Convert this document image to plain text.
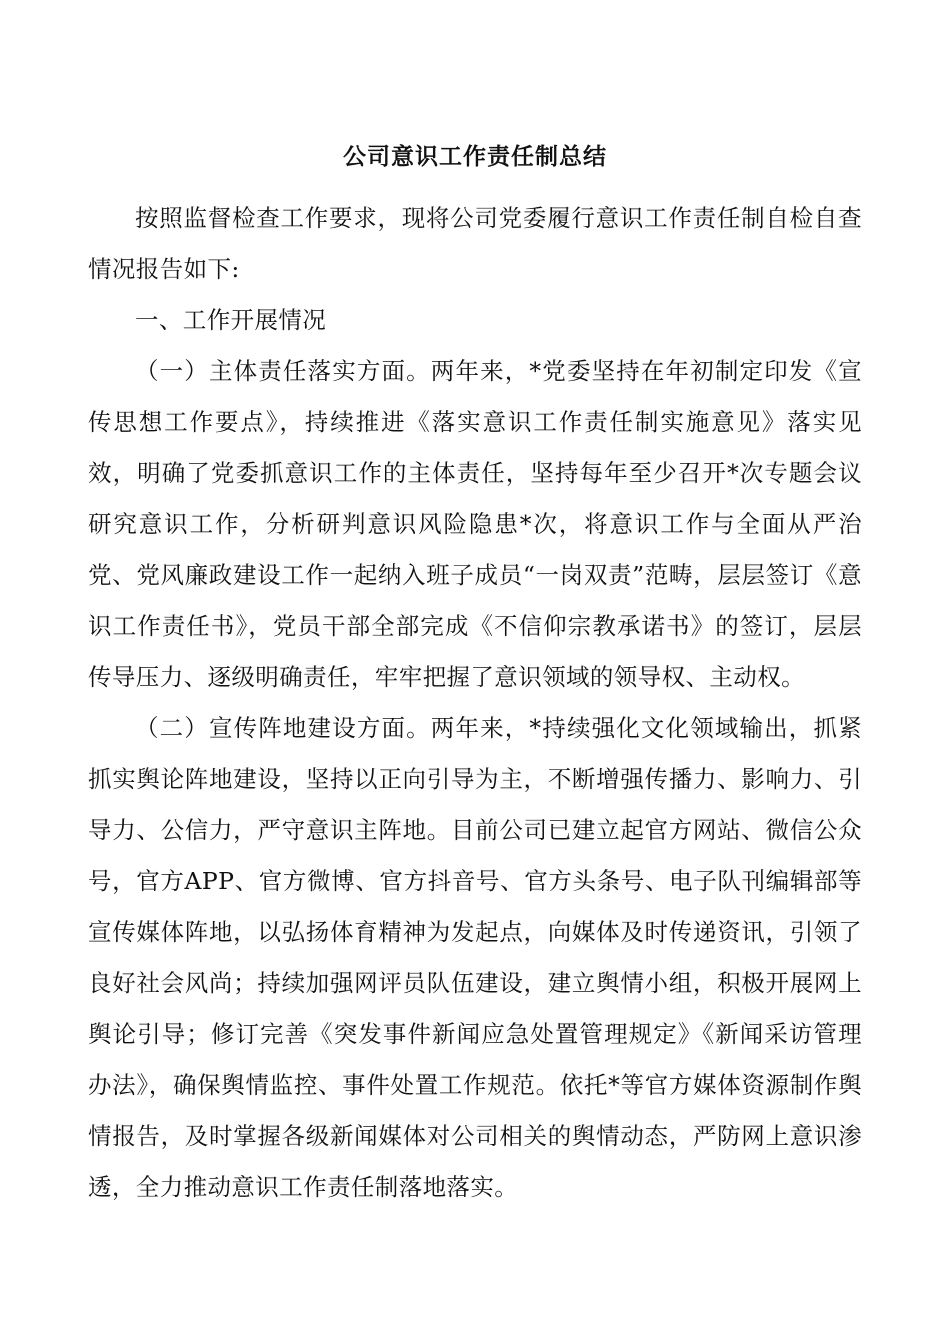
公司意识工作责任制总结

按照监督检查工作要求，现将公司党委履行意识工作责任制自检自查情况报告如下:

一、工作开展情况

（一）主体责任落实方面。两年来，*党委坚持在年初制定印发《宣传思想工作要点》，持续推进《落实意识工作责任制实施意见》落实见效，明确了党委抓意识工作的主体责任，坚持每年至少召开*次专题会议研究意识工作，分析研判意识风险隐患*次，将意识工作与全面从严治党、党风廉政建设工作一起纳入班子成员“一岗双责”范畴，层层签订《意识工作责任书》，党员干部全部完成《不信仰宗教承诺书》的签订，层层传导压力、逐级明确责任，牢牢把握了意识领域的领导权、主动权。

（二）宣传阵地建设方面。两年来，*持续强化文化领域输出，抓紧抓实舆论阵地建设，坚持以正向引导为主，不断增强传播力、影响力、引导力、公信力，严守意识主阵地。目前公司已建立起官方网站、微信公众号，官方APP、官方微博、官方抖音号、官方头条号、电子队刊编辑部等宣传媒体阵地，以弘扬体育精神为发起点，向媒体及时传递资讯，引领了良好社会风尚；持续加强网评员队伍建设，建立舆情小组，积极开展网上舆论引导；修订完善《突发事件新闻应急处置管理规定》《新闻采访管理办法》，确保舆情监控、事件处置工作规范。依托*等官方媒体资源制作舆情报告，及时掌握各级新闻媒体对公司相关的舆情动态，严防网上意识渗透，全力推动意识工作责任制落地落实。
